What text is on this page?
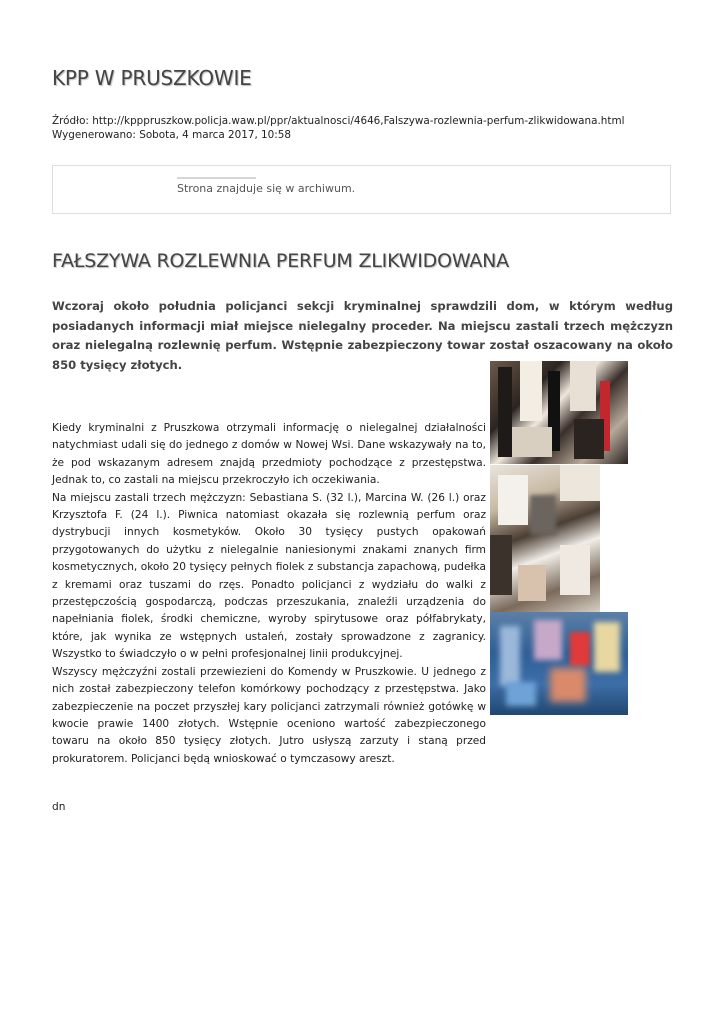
KPP W PRUSZKOWIE
Źródło: http://kpppruszkow.policja.waw.pl/ppr/aktualnosci/4646,Falszywa-rozlewnia-perfum-zlikwidowana.html
Wygenerowano: Sobota, 4 marca 2017, 10:58
Strona znajduje się w archiwum.
FAŁSZYWA ROZLEWNIA PERFUM ZLIKWIDOWANA

Wczoraj około południa policjanci sekcji kryminalnej sprawdzili dom, w którym według posiadanych informacji miał miejsce nielegalny proceder. Na miejscu zastali trzech mężczyzn oraz nielegalną rozlewnię perfum. Wstępnie zabezpieczony towar został oszacowany na około 850 tysięcy złotych.

Kiedy kryminalni z Pruszkowa otrzymali informację o nielegalnej działalności natychmiast udali się do jednego z domów w Nowej Wsi. Dane wskazywały na to, że pod wskazanym adresem znajdą przedmioty pochodzące z przestępstwa. Jednak to, co zastali na miejscu przekroczyło ich oczekiwania.

Na miejscu zastali trzech mężczyzn: Sebastiana S. (32 l.), Marcina W. (26 l.) oraz Krzysztofa F. (24 l.). Piwnica natomiast okazała się rozlewnią perfum oraz dystrybucji innych kosmetyków. Około 30 tysięcy pustych opakowań przygotowanych do użytku z nielegalnie naniesionymi znakami znanych firm kosmetycznych, około 20 tysięcy pełnych fiolek z substancja zapachową, pudełka z kremami oraz tuszami do rzęs. Ponadto policjanci z wydziału do walki z przestępczością gospodarczą, podczas przeszukania, znaleźli urządzenia do napełniania fiolek, środki chemiczne, wyroby spirytusowe oraz półfabrykaty, które, jak wynika ze wstępnych ustaleń, zostały sprowadzone z zagranicy. Wszystko to świadczyło o w pełni profesjonalnej linii produkcyjnej.

Wszyscy mężczyźni zostali przewiezieni do Komendy w Pruszkowie. U jednego z nich został zabezpieczony telefon komórkowy pochodzący z przestępstwa. Jako zabezpieczenie na poczet przyszłej kary policjanci zatrzymali również gotówkę w kwocie prawie 1400 złotych. Wstępnie oceniono wartość zabezpieczonego towaru na około 850 tysięcy złotych. Jutro usłyszą zarzuty i staną przed prokuratorem. Policjanci będą wnioskować o tymczasowy areszt.

dn
